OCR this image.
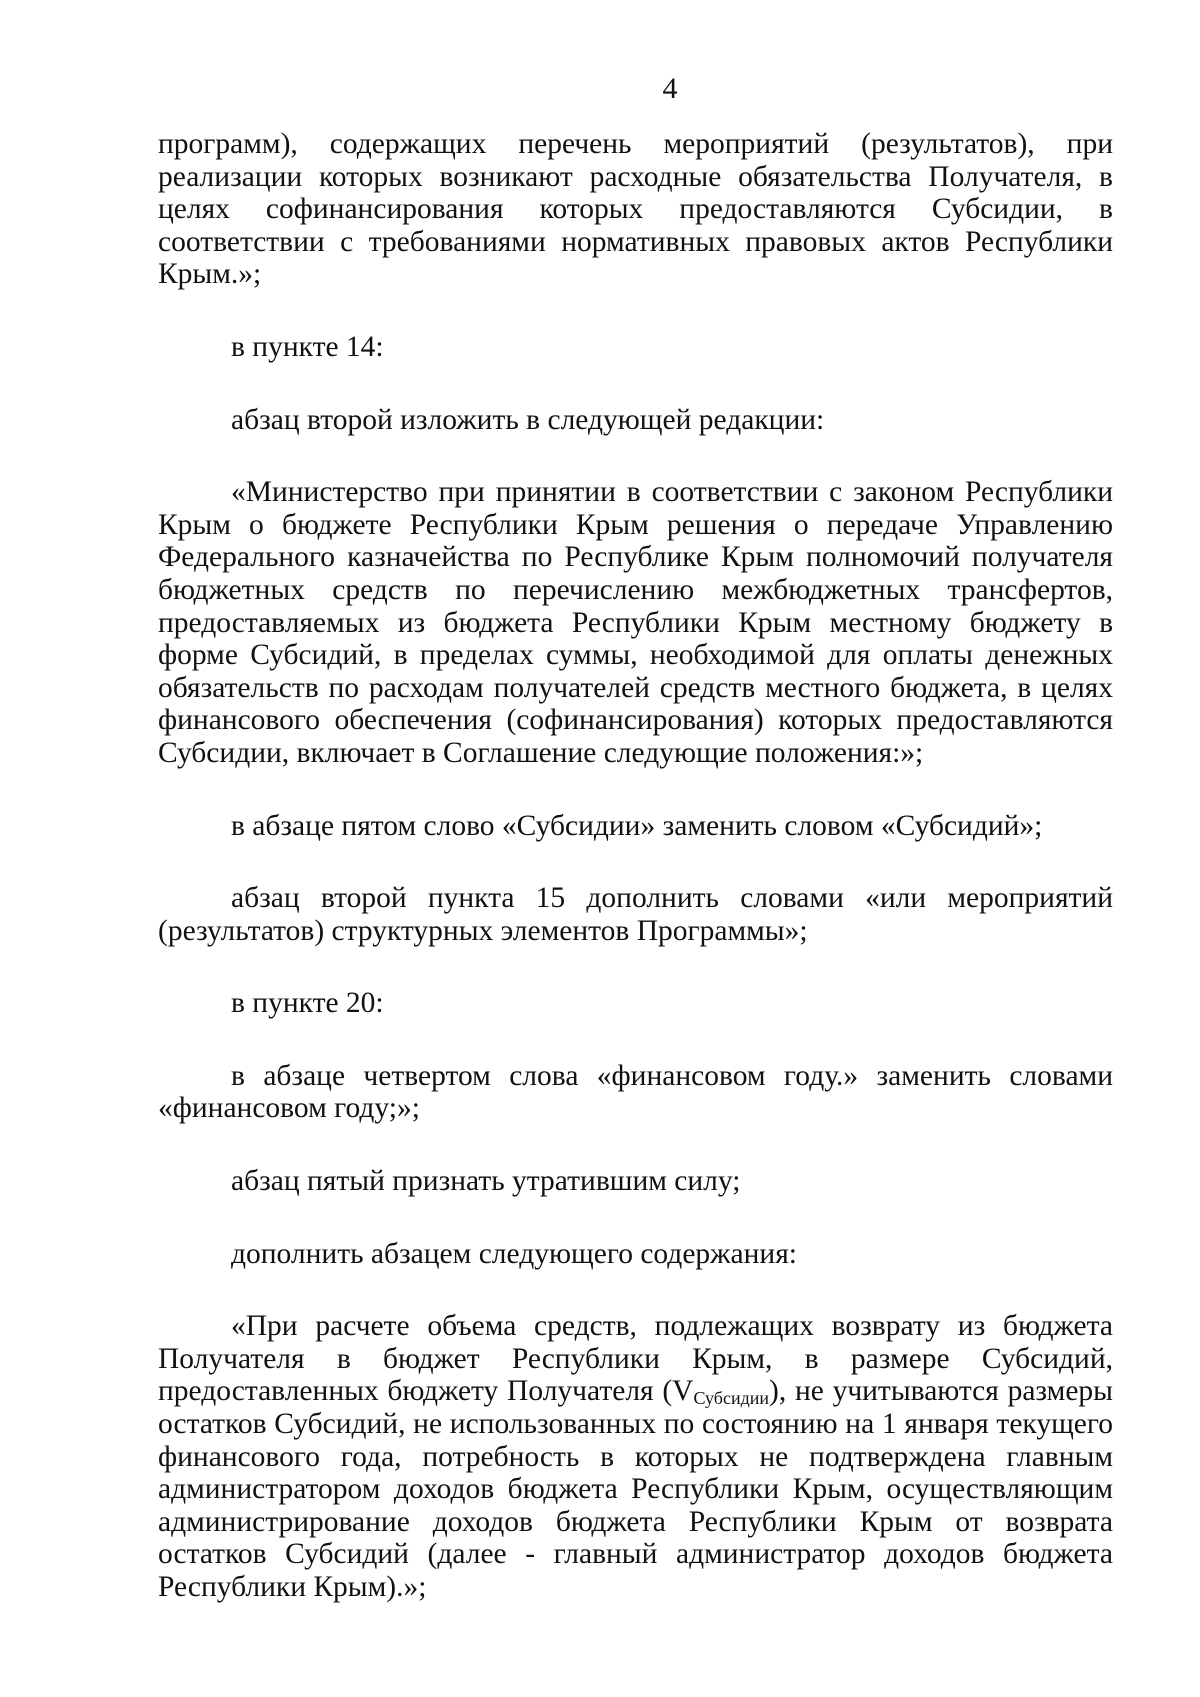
4

программ), содержащих перечень мероприятий (результатов), при реализации которых возникают расходные обязательства Получателя, в целях софинансирования которых предоставляются Субсидии, в соответствии с требованиями нормативных правовых актов Республики Крым.»;

в пункте 14:

абзац второй изложить в следующей редакции:

«Министерство при принятии в соответствии с законом Республики Крым о бюджете Республики Крым решения о передаче Управлению Федерального казначейства по Республике Крым полномочий получателя бюджетных средств по перечислению межбюджетных трансфертов, предоставляемых из бюджета Республики Крым местному бюджету в форме Субсидий, в пределах суммы, необходимой для оплаты денежных обязательств по расходам получателей средств местного бюджета, в целях финансового обеспечения (софинансирования) которых предоставляются Субсидии, включает в Соглашение следующие положения:»;

в абзаце пятом слово «Субсидии» заменить словом «Субсидий»;

абзац второй пункта 15 дополнить словами «или мероприятий (результатов) структурных элементов Программы»;

в пункте 20:

в абзаце четвертом слова «финансовом году.» заменить словами «финансовом году;»;

абзац пятый признать утратившим силу;

дополнить абзацем следующего содержания:

«При расчете объема средств, подлежащих возврату из бюджета Получателя в бюджет Республики Крым, в размере Субсидий, предоставленных бюджету Получателя $(V_{Субсидии})$, не учитываются размеры остатков Субсидий, не использованных по состоянию на 1 января текущего финансового года, потребность в которых не подтверждена главным администратором доходов бюджета Республики Крым, осуществляющим администрирование доходов бюджета Республики Крым от возврата остатков Субсидий (далее - главный администратор доходов бюджета Республики Крым).»;
